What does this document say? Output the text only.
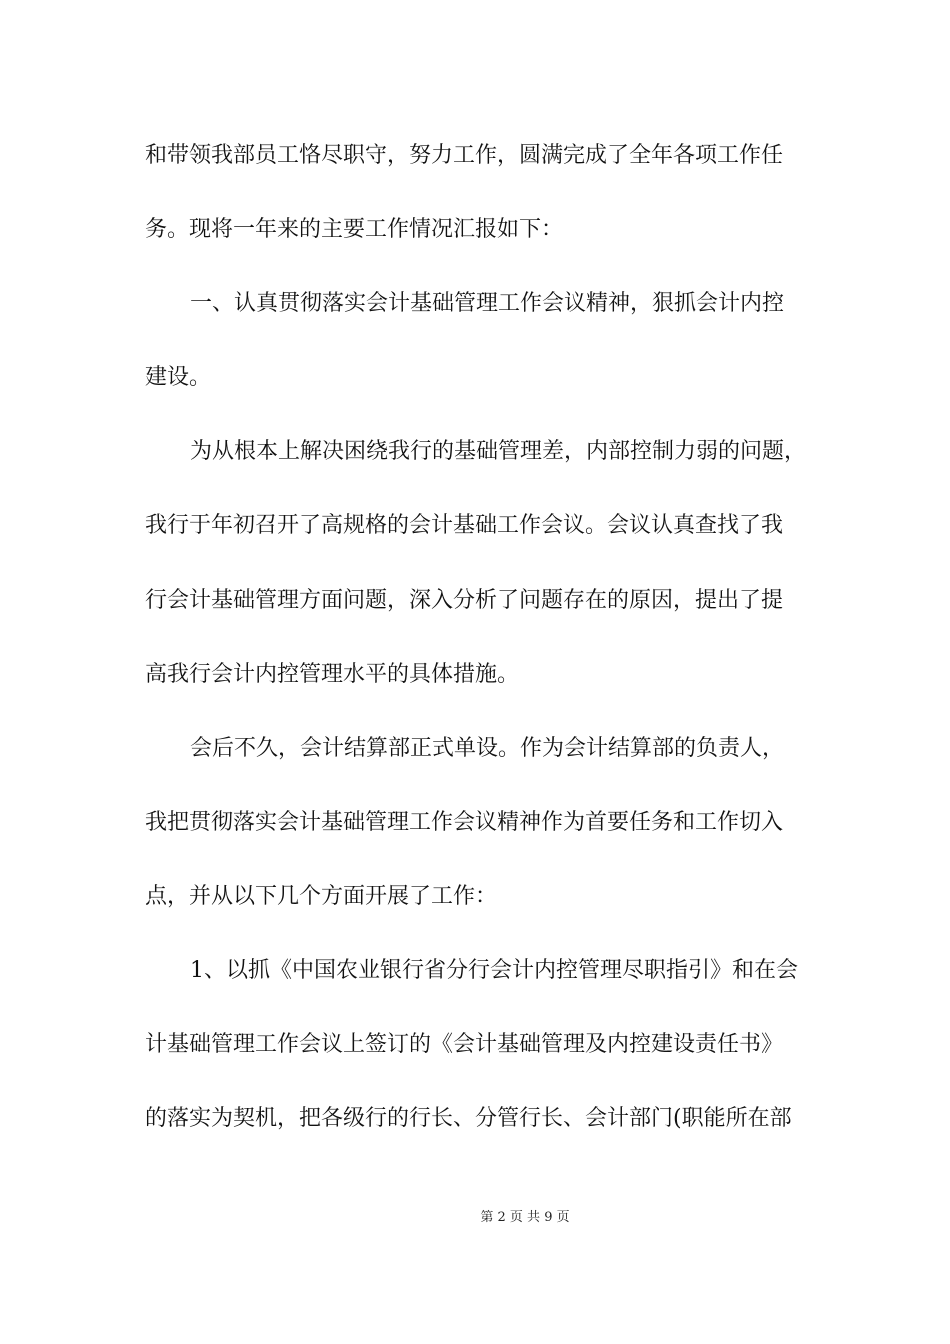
和带领我部员工恪尽职守，努力工作，圆满完成了全年各项工作任
务。现将一年来的主要工作情况汇报如下：
一、认真贯彻落实会计基础管理工作会议精神，狠抓会计内控
建设。
为从根本上解决困绕我行的基础管理差，内部控制力弱的问题，
我行于年初召开了高规格的会计基础工作会议。会议认真查找了我
行会计基础管理方面问题，深入分析了问题存在的原因，提出了提
高我行会计内控管理水平的具体措施。
会后不久，会计结算部正式单设。作为会计结算部的负责人，
我把贯彻落实会计基础管理工作会议精神作为首要任务和工作切入
点，并从以下几个方面开展了工作：
1、以抓《中国农业银行省分行会计内控管理尽职指引》和在会
计基础管理工作会议上签订的《会计基础管理及内控建设责任书》
的落实为契机，把各级行的行长、分管行长、会计部门(职能所在部
第 2 页 共 9 页
